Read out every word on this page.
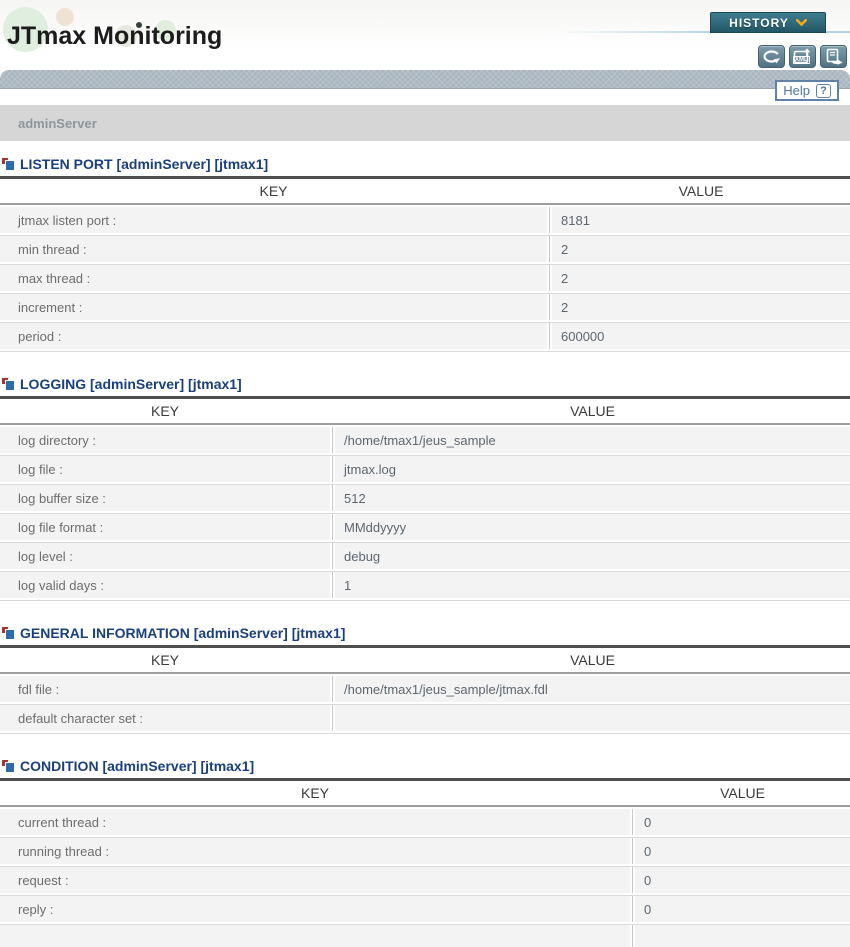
JTmax Monitoring	HISTORY
XML
Help ?
adminServer
LISTEN PORT [adminServer] [jtmax1]
KEY	VALUE
jtmax listen port :	8181
min thread :	2
max thread :	2
increment :	2
period :	600000
LOGGING [adminServer] [jtmax1]
KEY	VALUE
log directory :	/home/tmax1/jeus_sample
log file :	jtmax.log
log buffer size :	512
log file format :	MMddyyyy
log level :	debug
log valid days :	1
GENERAL INFORMATION [adminServer] [jtmax1]
KEY	VALUE
fdl file :	/home/tmax1/jeus_sample/jtmax.fdl
default character set :
CONDITION [adminServer] [jtmax1]
KEY	VALUE
current thread :	0
running thread :	0
request :	0
reply :	0
